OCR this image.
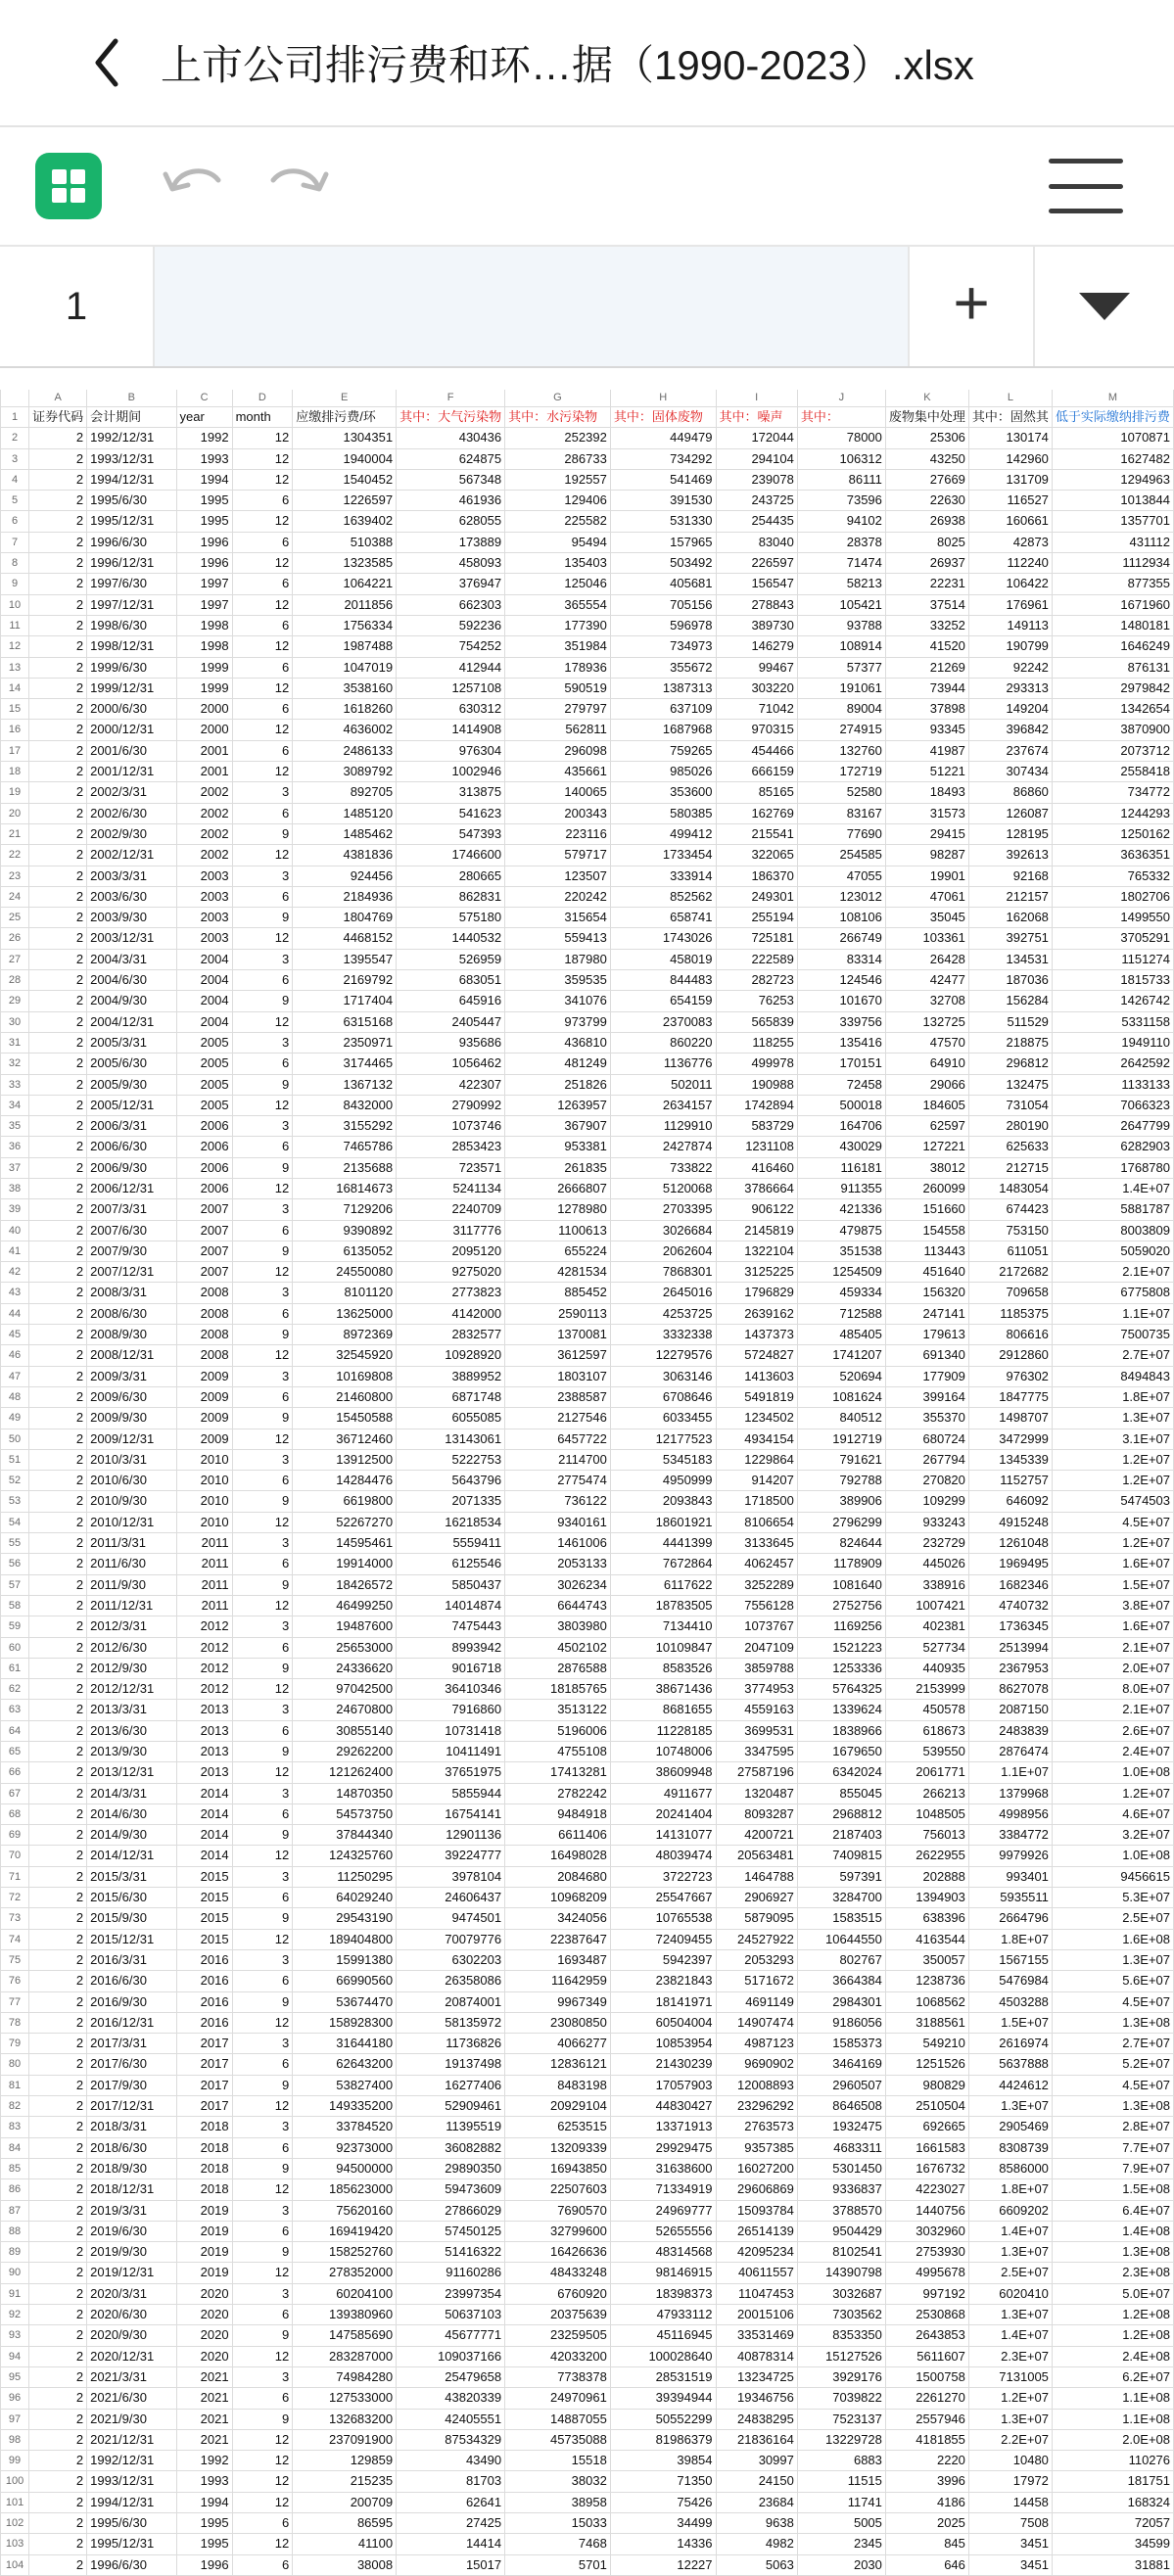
上市公司排污费和环…据（1990-2023）.xlsx
1	+
	A	B	C	D	E	F	G	H	I	J	K	L	M
1	证券代码	会计期间	year	month	应缴排污费/环	其中：大气污染物	其中：水污染物	其中：固体废物	其中：噪声	其中：	废物集中处理	其中：固然其	低于实际缴纳排污费
2	2	1992/12/31	1992	12	1304351	430436	252392	449479	172044	78000	25306	130174	1070871
3	2	1993/12/31	1993	12	1940004	624875	286733	734292	294104	106312	43250	142960	1627482
4	2	1994/12/31	1994	12	1540452	567348	192557	541469	239078	86111	27669	131709	1294963
5	2	1995/6/30	1995	6	1226597	461936	129406	391530	243725	73596	22630	116527	1013844
6	2	1995/12/31	1995	12	1639402	628055	225582	531330	254435	94102	26938	160661	1357701
7	2	1996/6/30	1996	6	510388	173889	95494	157965	83040	28378	8025	42873	431112
8	2	1996/12/31	1996	12	1323585	458093	135403	503492	226597	71474	26937	112240	1112934
9	2	1997/6/30	1997	6	1064221	376947	125046	405681	156547	58213	22231	106422	877355
10	2	1997/12/31	1997	12	2011856	662303	365554	705156	278843	105421	37514	176961	1671960
11	2	1998/6/30	1998	6	1756334	592236	177390	596978	389730	93788	33252	149113	1480181
12	2	1998/12/31	1998	12	1987488	754252	351984	734973	146279	108914	41520	190799	1646249
13	2	1999/6/30	1999	6	1047019	412944	178936	355672	99467	57377	21269	92242	876131
14	2	1999/12/31	1999	12	3538160	1257108	590519	1387313	303220	191061	73944	293313	2979842
15	2	2000/6/30	2000	6	1618260	630312	279797	637109	71042	89004	37898	149204	1342654
16	2	2000/12/31	2000	12	4636002	1414908	562811	1687968	970315	274915	93345	396842	3870900
17	2	2001/6/30	2001	6	2486133	976304	296098	759265	454466	132760	41987	237674	2073712
18	2	2001/12/31	2001	12	3089792	1002946	435661	985026	666159	172719	51221	307434	2558418
19	2	2002/3/31	2002	3	892705	313875	140065	353600	85165	52580	18493	86860	734772
20	2	2002/6/30	2002	6	1485120	541623	200343	580385	162769	83167	31573	126087	1244293
21	2	2002/9/30	2002	9	1485462	547393	223116	499412	215541	77690	29415	128195	1250162
22	2	2002/12/31	2002	12	4381836	1746600	579717	1733454	322065	254585	98287	392613	3636351
23	2	2003/3/31	2003	3	924456	280665	123507	333914	186370	47055	19901	92168	765332
24	2	2003/6/30	2003	6	2184936	862831	220242	852562	249301	123012	47061	212157	1802706
25	2	2003/9/30	2003	9	1804769	575180	315654	658741	255194	108106	35045	162068	1499550
26	2	2003/12/31	2003	12	4468152	1440532	559413	1743026	725181	266749	103361	392751	3705291
27	2	2004/3/31	2004	3	1395547	526959	187980	458019	222589	83314	26428	134531	1151274
28	2	2004/6/30	2004	6	2169792	683051	359535	844483	282723	124546	42477	187036	1815733
29	2	2004/9/30	2004	9	1717404	645916	341076	654159	76253	101670	32708	156284	1426742
30	2	2004/12/31	2004	12	6315168	2405447	973799	2370083	565839	339756	132725	511529	5331158
31	2	2005/3/31	2005	3	2350971	935686	436810	860220	118255	135416	47570	218875	1949110
32	2	2005/6/30	2005	6	3174465	1056462	481249	1136776	499978	170151	64910	296812	2642592
33	2	2005/9/30	2005	9	1367132	422307	251826	502011	190988	72458	29066	132475	1133133
34	2	2005/12/31	2005	12	8432000	2790992	1263957	2634157	1742894	500018	184605	731054	7066323
35	2	2006/3/31	2006	3	3155292	1073746	367907	1129910	583729	164706	62597	280190	2647799
36	2	2006/6/30	2006	6	7465786	2853423	953381	2427874	1231108	430029	127221	625633	6282903
37	2	2006/9/30	2006	9	2135688	723571	261835	733822	416460	116181	38012	212715	1768780
38	2	2006/12/31	2006	12	16814673	5241134	2666807	5120068	3786664	911355	260099	1483054	1.4E+07
39	2	2007/3/31	2007	3	7129206	2240709	1278980	2703395	906122	421336	151660	674423	5881787
40	2	2007/6/30	2007	6	9390892	3117776	1100613	3026684	2145819	479875	154558	753150	8003809
41	2	2007/9/30	2007	9	6135052	2095120	655224	2062604	1322104	351538	113443	611051	5059020
42	2	2007/12/31	2007	12	24550080	9275020	4281534	7868301	3125225	1254509	451640	2172682	2.1E+07
43	2	2008/3/31	2008	3	8101120	2773823	885452	2645016	1796829	459334	156320	709658	6775808
44	2	2008/6/30	2008	6	13625000	4142000	2590113	4253725	2639162	712588	247141	1185375	1.1E+07
45	2	2008/9/30	2008	9	8972369	2832577	1370081	3332338	1437373	485405	179613	806616	7500735
46	2	2008/12/31	2008	12	32545920	10928920	3612597	12279576	5724827	1741207	691340	2912860	2.7E+07
47	2	2009/3/31	2009	3	10169808	3889952	1803107	3063146	1413603	520694	177909	976302	8494843
48	2	2009/6/30	2009	6	21460800	6871748	2388587	6708646	5491819	1081624	399164	1847775	1.8E+07
49	2	2009/9/30	2009	9	15450588	6055085	2127546	6033455	1234502	840512	355370	1498707	1.3E+07
50	2	2009/12/31	2009	12	36712460	13143061	6457722	12177523	4934154	1912719	680724	3472999	3.1E+07
51	2	2010/3/31	2010	3	13912500	5222753	2114700	5345183	1229864	791621	267794	1345339	1.2E+07
52	2	2010/6/30	2010	6	14284476	5643796	2775474	4950999	914207	792788	270820	1152757	1.2E+07
53	2	2010/9/30	2010	9	6619800	2071335	736122	2093843	1718500	389906	109299	646092	5474503
54	2	2010/12/31	2010	12	52267270	16218534	9340161	18601921	8106654	2796299	933243	4915248	4.5E+07
55	2	2011/3/31	2011	3	14595461	5559411	1461006	4441399	3133645	824644	232729	1261048	1.2E+07
56	2	2011/6/30	2011	6	19914000	6125546	2053133	7672864	4062457	1178909	445026	1969495	1.6E+07
57	2	2011/9/30	2011	9	18426572	5850437	3026234	6117622	3252289	1081640	338916	1682346	1.5E+07
58	2	2011/12/31	2011	12	46499250	14014874	6644743	18783505	7556128	2752756	1007421	4740732	3.8E+07
59	2	2012/3/31	2012	3	19487600	7475443	3803980	7134410	1073767	1169256	402381	1736345	1.6E+07
60	2	2012/6/30	2012	6	25653000	8993942	4502102	10109847	2047109	1521223	527734	2513994	2.1E+07
61	2	2012/9/30	2012	9	24336620	9016718	2876588	8583526	3859788	1253336	440935	2367953	2.0E+07
62	2	2012/12/31	2012	12	97042500	36410346	18185765	38671436	3774953	5764325	2153999	8627078	8.0E+07
63	2	2013/3/31	2013	3	24670800	7916860	3513122	8681655	4559163	1339624	450578	2087150	2.1E+07
64	2	2013/6/30	2013	6	30855140	10731418	5196006	11228185	3699531	1838966	618673	2483839	2.6E+07
65	2	2013/9/30	2013	9	29262200	10411491	4755108	10748006	3347595	1679650	539550	2876474	2.4E+07
66	2	2013/12/31	2013	12	121262400	37651975	17413281	38609948	27587196	6342024	2061771	1.1E+07	1.0E+08
67	2	2014/3/31	2014	3	14870350	5855944	2782242	4911677	1320487	855045	266213	1379968	1.2E+07
68	2	2014/6/30	2014	6	54573750	16754141	9484918	20241404	8093287	2968812	1048505	4998956	4.6E+07
69	2	2014/9/30	2014	9	37844340	12901136	6611406	14131077	4200721	2187403	756013	3384772	3.2E+07
70	2	2014/12/31	2014	12	124325760	39224777	16498028	48039474	20563481	7409815	2622955	9979926	1.0E+08
71	2	2015/3/31	2015	3	11250295	3978104	2084680	3722723	1464788	597391	202888	993401	9456615
72	2	2015/6/30	2015	6	64029240	24606437	10968209	25547667	2906927	3284700	1394903	5935511	5.3E+07
73	2	2015/9/30	2015	9	29543190	9474501	3424056	10765538	5879095	1583515	638396	2664796	2.5E+07
74	2	2015/12/31	2015	12	189404800	70079776	22387647	72409455	24527922	10644550	4163544	1.8E+07	1.6E+08
75	2	2016/3/31	2016	3	15991380	6302203	1693487	5942397	2053293	802767	350057	1567155	1.3E+07
76	2	2016/6/30	2016	6	66990560	26358086	11642959	23821843	5171672	3664384	1238736	5476984	5.6E+07
77	2	2016/9/30	2016	9	53674470	20874001	9967349	18141971	4691149	2984301	1068562	4503288	4.5E+07
78	2	2016/12/31	2016	12	158928300	58135972	23080850	60504004	14907474	9186056	3188561	1.5E+07	1.3E+08
79	2	2017/3/31	2017	3	31644180	11736826	4066277	10853954	4987123	1585373	549210	2616974	2.7E+07
80	2	2017/6/30	2017	6	62643200	19137498	12836121	21430239	9690902	3464169	1251526	5637888	5.2E+07
81	2	2017/9/30	2017	9	53827400	16277406	8483198	17057903	12008893	2960507	980829	4424612	4.5E+07
82	2	2017/12/31	2017	12	149335200	52909461	20929104	44830427	23296292	8646508	2510504	1.3E+07	1.3E+08
83	2	2018/3/31	2018	3	33784520	11395519	6253515	13371913	2763573	1932475	692665	2905469	2.8E+07
84	2	2018/6/30	2018	6	92373000	36082882	13209339	29929475	9357385	4683311	1661583	8308739	7.7E+07
85	2	2018/9/30	2018	9	94500000	29890350	16943850	31638600	16027200	5301450	1676732	8586000	7.9E+07
86	2	2018/12/31	2018	12	185623000	59473609	22507603	71334919	29606869	9336837	4223027	1.8E+07	1.5E+08
87	2	2019/3/31	2019	3	75620160	27866029	7690570	24969777	15093784	3788570	1440756	6609202	6.4E+07
88	2	2019/6/30	2019	6	169419420	57450125	32799600	52655556	26514139	9504429	3032960	1.4E+07	1.4E+08
89	2	2019/9/30	2019	9	158252760	51416322	16426636	48314568	42095234	8102541	2753930	1.3E+07	1.3E+08
90	2	2019/12/31	2019	12	278352000	91160286	48433248	98146915	40611557	14390798	4995678	2.5E+07	2.3E+08
91	2	2020/3/31	2020	3	60204100	23997354	6760920	18398373	11047453	3032687	997192	6020410	5.0E+07
92	2	2020/6/30	2020	6	139380960	50637103	20375639	47933112	20015106	7303562	2530868	1.3E+07	1.2E+08
93	2	2020/9/30	2020	9	147585690	45677771	23259505	45116945	33531469	8353350	2643853	1.4E+07	1.2E+08
94	2	2020/12/31	2020	12	283287000	109037166	42033200	100028640	40878314	15127526	5611607	2.3E+07	2.4E+08
95	2	2021/3/31	2021	3	74984280	25479658	7738378	28531519	13234725	3929176	1500758	7131005	6.2E+07
96	2	2021/6/30	2021	6	127533000	43820339	24970961	39394944	19346756	7039822	2261270	1.2E+07	1.1E+08
97	2	2021/9/30	2021	9	132683200	42405551	14887055	50552299	24838295	7523137	2557946	1.3E+07	1.1E+08
98	2	2021/12/31	2021	12	237091900	87534329	45735088	81986379	21836164	13229728	4181855	2.2E+07	2.0E+08
99	2	1992/12/31	1992	12	129859	43490	15518	39854	30997	6883	2220	10480	110276
100	2	1993/12/31	1993	12	215235	81703	38032	71350	24150	11515	3996	17972	181751
101	2	1994/12/31	1994	12	200709	62641	38958	75426	23684	11741	4186	14458	168324
102	2	1995/6/30	1995	6	86595	27425	15033	34499	9638	5005	2025	7508	72057
103	2	1995/12/31	1995	12	41100	14414	7468	14336	4982	2345	845	3451	34599
104	2	1996/6/30	1996	6	38008	15017	5701	12227	5063	2030	646	3451	31881
